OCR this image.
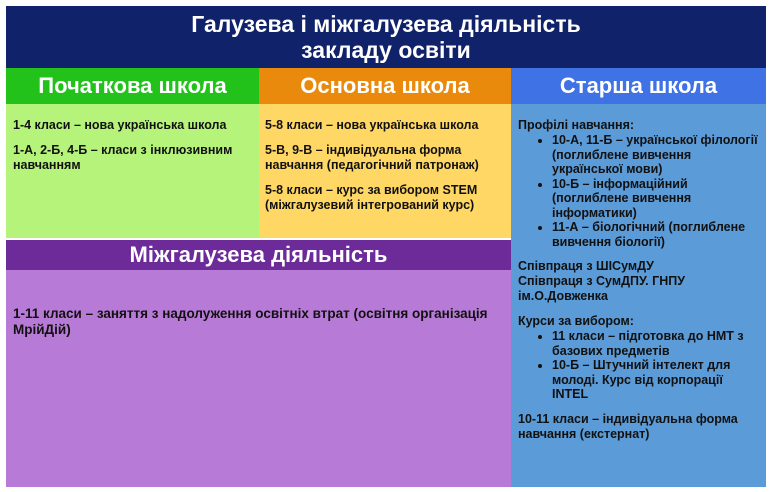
Галузева і міжгалузева діяльність
закладу освіти
Початкова школа	Основна школа	Старша школа

1-4 класи – нова українська школа

1-А, 2-Б, 4-Б – класи з інклюзивним навчанням

5-8 класи – нова українська школа

5-В, 9-В – індивідуальна форма навчання (педагогічний патронаж)

5-8 класи – курс за вибором STEM (міжгалузевий інтегрований курс)

Профілі навчання:

• 10-А, 11-Б – української філології (поглиблене вивчення української мови)
• 10-Б – інформаційний (поглиблене вивчення інформатики)
• 11-А – біологічний (поглиблене вивчення біології)

Співпраця з ШІСумДУ

Співпраця з СумДПУ. ГНПУ ім.О.Довженка

Курси за вибором:

• 11 класи – підготовка до НМТ з базових предметів
• 10-Б – Штучний інтелект для молоді. Курс від корпорації INTEL

10-11 класи – індивідуальна форма навчання (екстернат)

Міжгалузева діяльність

1-11 класи – заняття з надолуження освітніх втрат (освітня організація МрійДій)
